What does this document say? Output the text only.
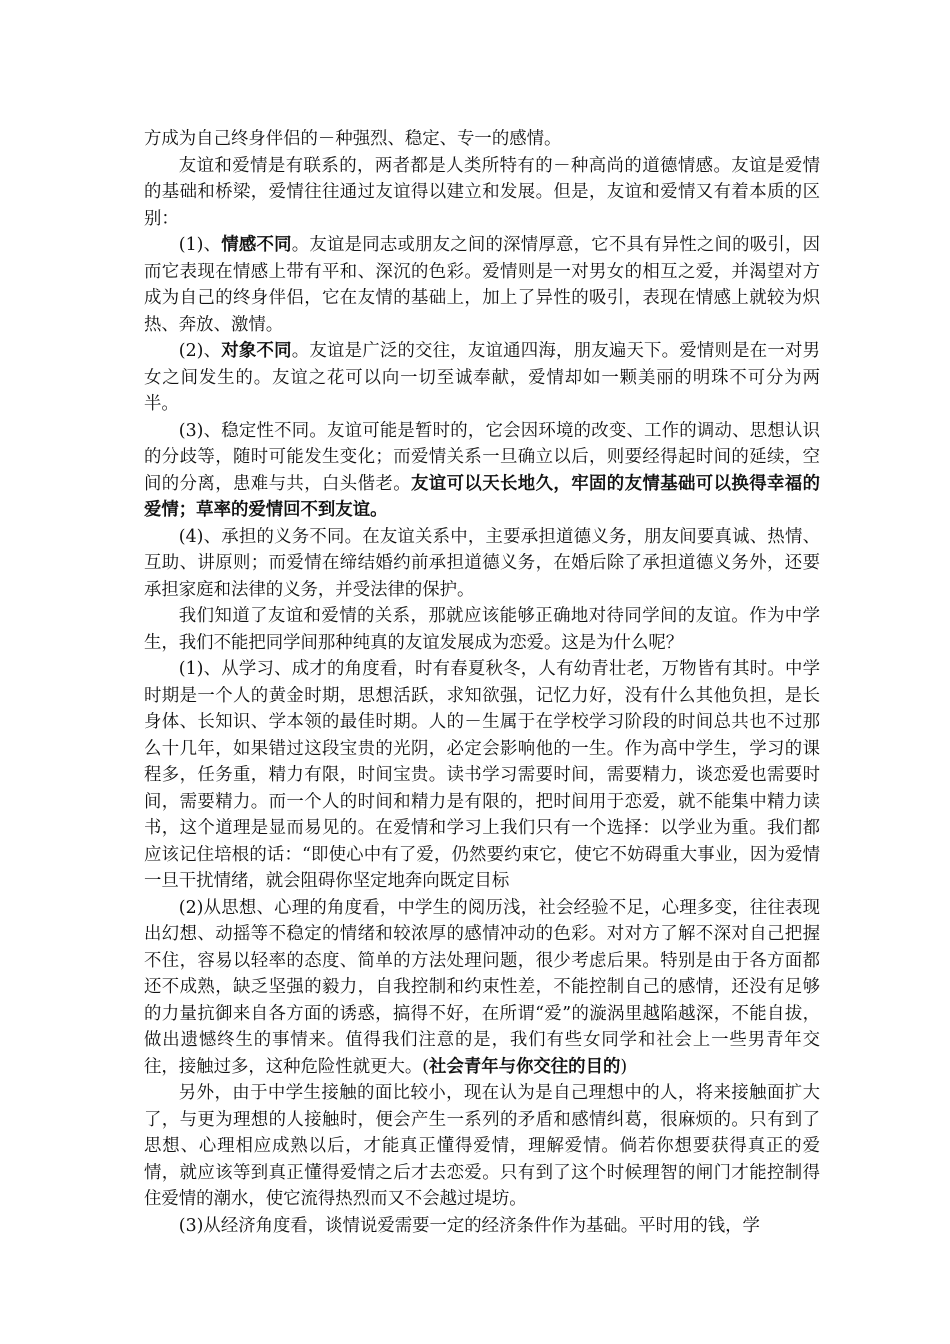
方成为自己终身伴侣的－种强烈、稳定、专一的感情。

友谊和爱情是有联系的，两者都是人类所特有的－种高尚的道德情感。友谊是爱情的基础和桥梁，爱情往往通过友谊得以建立和发展。但是，友谊和爱情又有着本质的区别：

(1)、情感不同。友谊是同志或朋友之间的深情厚意，它不具有异性之间的吸引，因而它表现在情感上带有平和、深沉的色彩。爱情则是一对男女的相互之爱，并渴望对方成为自己的终身伴侣，它在友情的基础上，加上了异性的吸引，表现在情感上就较为炽热、奔放、激情。

(2)、对象不同。友谊是广泛的交往，友谊通四海，朋友遍天下。爱情则是在一对男女之间发生的。友谊之花可以向一切至诚奉献，爱情却如一颗美丽的明珠不可分为两半。

(3)、稳定性不同。友谊可能是暂时的，它会因环境的改变、工作的调动、思想认识的分歧等，随时可能发生变化；而爱情关系一旦确立以后，则要经得起时间的延续，空间的分离，患难与共，白头偕老。友谊可以天长地久，牢固的友情基础可以换得幸福的爱情；草率的爱情回不到友谊。

(4)、承担的义务不同。在友谊关系中，主要承担道德义务，朋友间要真诚、热情、互助、讲原则；而爱情在缔结婚约前承担道德义务，在婚后除了承担道德义务外，还要承担家庭和法律的义务，并受法律的保护。

我们知道了友谊和爱情的关系，那就应该能够正确地对待同学间的友谊。作为中学生，我们不能把同学间那种纯真的友谊发展成为恋爱。这是为什么呢？

(1)、从学习、成才的角度看，时有春夏秋冬，人有幼青壮老，万物皆有其时。中学时期是一个人的黄金时期，思想活跃，求知欲强，记忆力好，没有什么其他负担，是长身体、长知识、学本领的最佳时期。人的－生属于在学校学习阶段的时间总共也不过那么十几年，如果错过这段宝贵的光阴，必定会影响他的一生。作为高中学生，学习的课程多，任务重，精力有限，时间宝贵。读书学习需要时间，需要精力，谈恋爱也需要时间，需要精力。而一个人的时间和精力是有限的，把时间用于恋爱，就不能集中精力读书，这个道理是显而易见的。在爱情和学习上我们只有一个选择：以学业为重。我们都应该记住培根的话：“即使心中有了爱，仍然要约束它，使它不妨碍重大事业，因为爱情一旦干扰情绪，就会阻碍你坚定地奔向既定目标

(2)从思想、心理的角度看，中学生的阅历浅，社会经验不足，心理多变，往往表现出幻想、动摇等不稳定的情绪和较浓厚的感情冲动的色彩。对对方了解不深对自己把握不住，容易以轻率的态度、简单的方法处理问题，很少考虑后果。特别是由于各方面都还不成熟，缺乏坚强的毅力，自我控制和约束性差，不能控制自己的感情，还没有足够的力量抗御来自各方面的诱惑，搞得不好，在所谓“爱”的漩涡里越陷越深，不能自拔，做出遗憾终生的事情来。值得我们注意的是，我们有些女同学和社会上一些男青年交往，接触过多，这种危险性就更大。(社会青年与你交往的目的)

另外，由于中学生接触的面比较小，现在认为是自己理想中的人，将来接触面扩大了，与更为理想的人接触时，便会产生一系列的矛盾和感情纠葛，很麻烦的。只有到了思想、心理相应成熟以后，才能真正懂得爱情，理解爱情。倘若你想要获得真正的爱情，就应该等到真正懂得爱情之后才去恋爱。只有到了这个时候理智的闸门才能控制得住爱情的潮水，使它流得热烈而又不会越过堤坊。

(3)从经济角度看，谈情说爱需要一定的经济条件作为基础。平时用的钱，学
